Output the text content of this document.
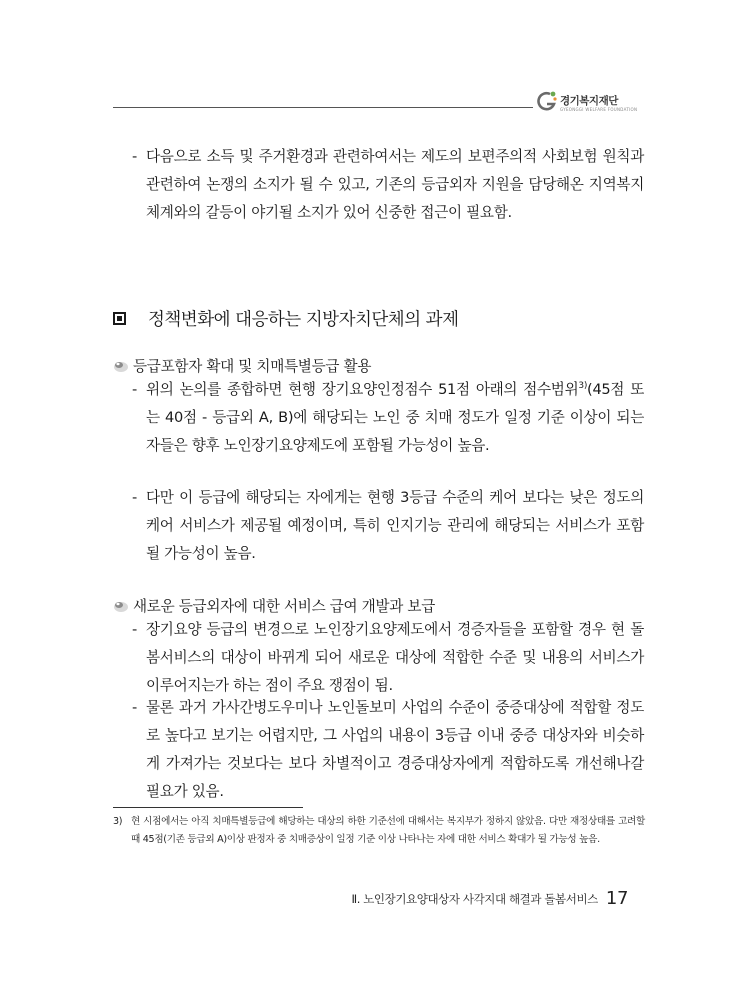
경기복지재단
GYEONGGI WELFARE FOUNDATION
- 다음으로 소득 및 주거환경과 관련하여서는 제도의 보편주의적 사회보험 원칙과 관련하여 논쟁의 소지가 될 수 있고, 기존의 등급외자 지원을 담당해온 지역복지 체계와의 갈등이 야기될 소지가 있어 신중한 접근이 필요함.
정책변화에 대응하는 지방자치단체의 과제
등급포함자 확대 및 치매특별등급 활용
- 위의 논의를 종합하면 현행 장기요양인정점수 51점 아래의 점수범위$^{3)}$(45점 또는 40점 - 등급외 A, B)에 해당되는 노인 중 치매 정도가 일정 기준 이상이 되는 자들은 향후 노인장기요양제도에 포함될 가능성이 높음.
- 다만 이 등급에 해당되는 자에게는 현행 3등급 수준의 케어 보다는 낮은 정도의 케어 서비스가 제공될 예정이며, 특히 인지기능 관리에 해당되는 서비스가 포함될 가능성이 높음.
새로운 등급외자에 대한 서비스 급여 개발과 보급
- 장기요양 등급의 변경으로 노인장기요양제도에서 경증자들을 포함할 경우 현 돌봄서비스의 대상이 바뀌게 되어 새로운 대상에 적합한 수준 및 내용의 서비스가 이루어지는가 하는 점이 주요 쟁점이 됨.
- 물론 과거 가사간병도우미나 노인돌보미 사업의 수준이 중증대상에 적합할 정도로 높다고 보기는 어렵지만, 그 사업의 내용이 3등급 이내 중증 대상자와 비슷하게 가져가는 것보다는 보다 차별적이고 경증대상자에게 적합하도록 개선해나갈 필요가 있음.
3) 현 시점에서는 아직 치매특별등급에 해당하는 대상의 하한 기준선에 대해서는 복지부가 정하지 않았음. 다만 재정상태를 고려할 때 45점(기존 등급외 A)이상 판정자 중 치매증상이 일정 기준 이상 나타나는 자에 대한 서비스 확대가 될 가능성 높음.
Ⅱ. 노인장기요양대상자 사각지대 해결과 돌봄서비스 17
